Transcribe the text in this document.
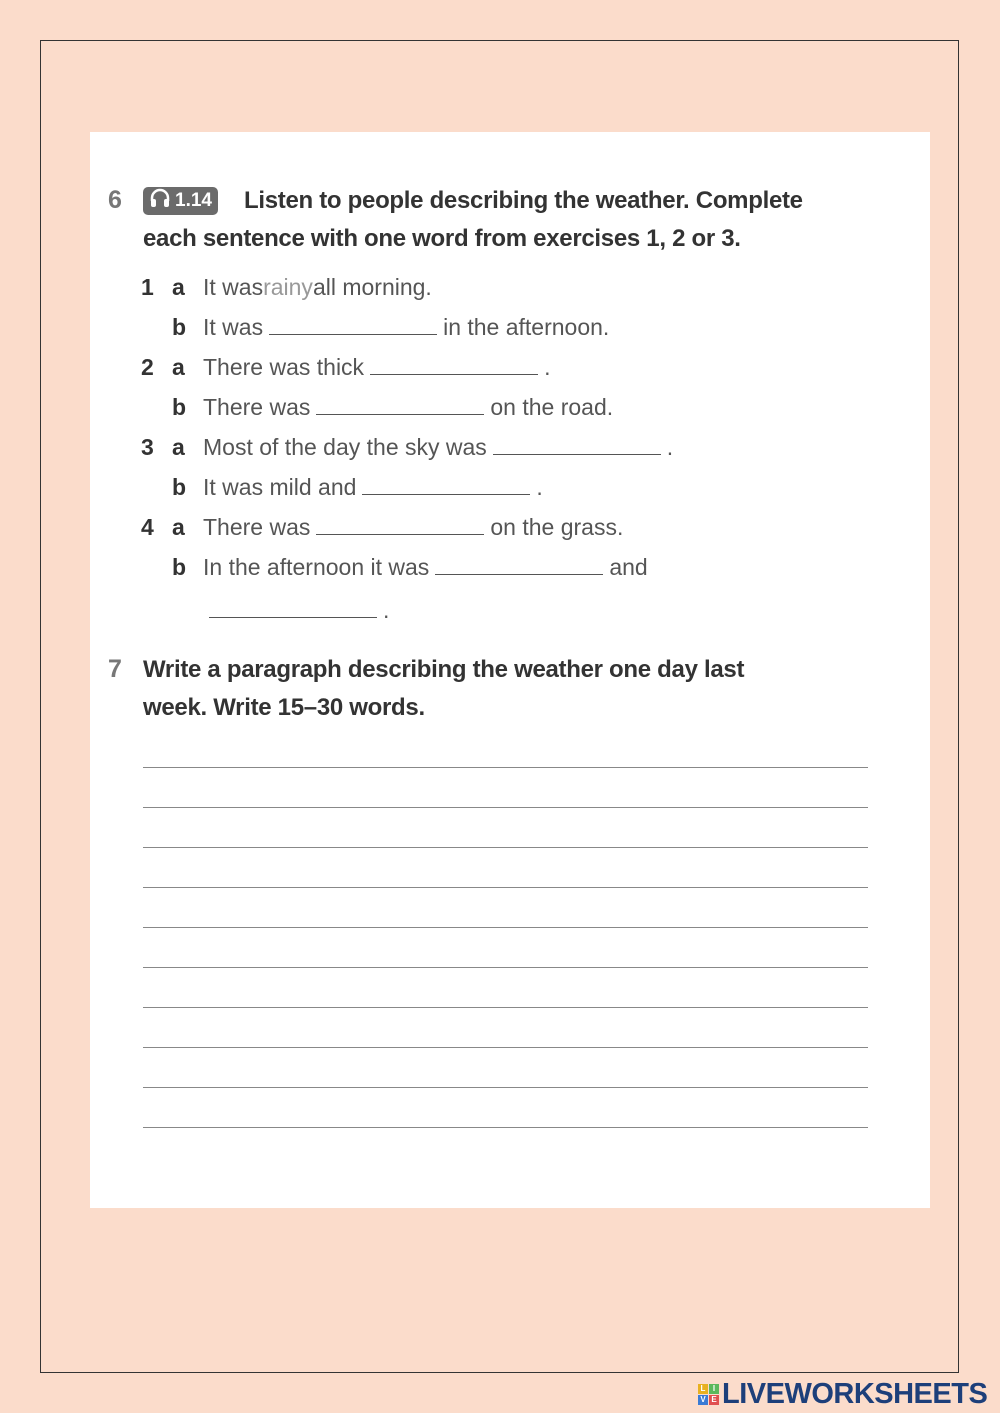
6	1.14 Listen to people describing the weather. Complete
each sentence with one word from exercises 1, 2 or 3.
1 a It was rainy all morning.
b It was	in the afternoon.
2 a There was thick	.
b There was	on the road.
3 a Most of the day the sky was	.
b It was mild and	.
4 a There was	on the grass.
b In the afternoon it was	and
.
7 Write a paragraph describing the weather one day last
week. Write 15–30 words.
L I
V E LIVEWORKSHEETS
